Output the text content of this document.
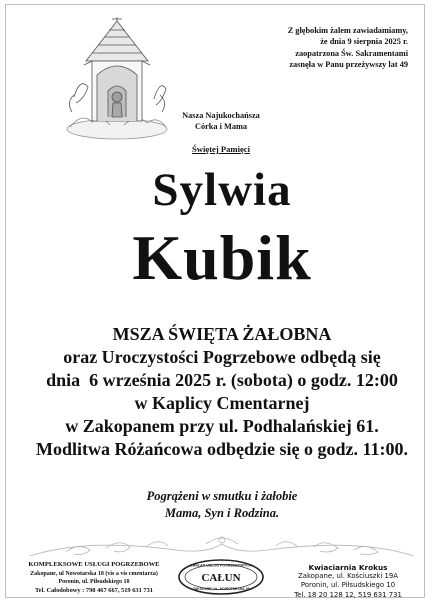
Z głębokim żalem zawiadamiamy,
że dnia 9 sierpnia 2025 r.
zaopatrzona Św. Sakramentami
zasnęła w Panu przeżywszy lat 49
Nasza Najukochańsza
Córka i Mama
Świętej Pamięci
Sylwia
Kubik
MSZA ŚWIĘTA ŻAŁOBNA
oraz Uroczystości Pogrzebowe odbędą się
dnia  6 września 2025 r. (sobota) o godz. 12:00
w Kaplicy Cmentarnej
w Zakopanem przy ul. Podhalańskiej 61.
Modlitwa Różańcowa odbędzie się o godz. 11:00.
Pogrążeni w smutku i żałobie
Mama, Syn i Rodzina.
KOMPLEKSOWE USŁUGI POGRZEBOWE
Zakopane, ul Nowotarska 18 (vis a vis cmentarza)
Poronin, ul. Piłsudskiego 10
Tel. Całodobowy : 798 467 667, 519 631 731
ZAKŁAD USŁUG POGRZEBOWYCH
CAŁUN
ZAKOPANE, UL. NOWOTARSKA 18
Kwiaciarnia Krokus
Zakopane, ul. Kościuszki 19A
Poronin, ul. Piłsudskiego 10
Tel. 18 20 128 12, 519 631 731
